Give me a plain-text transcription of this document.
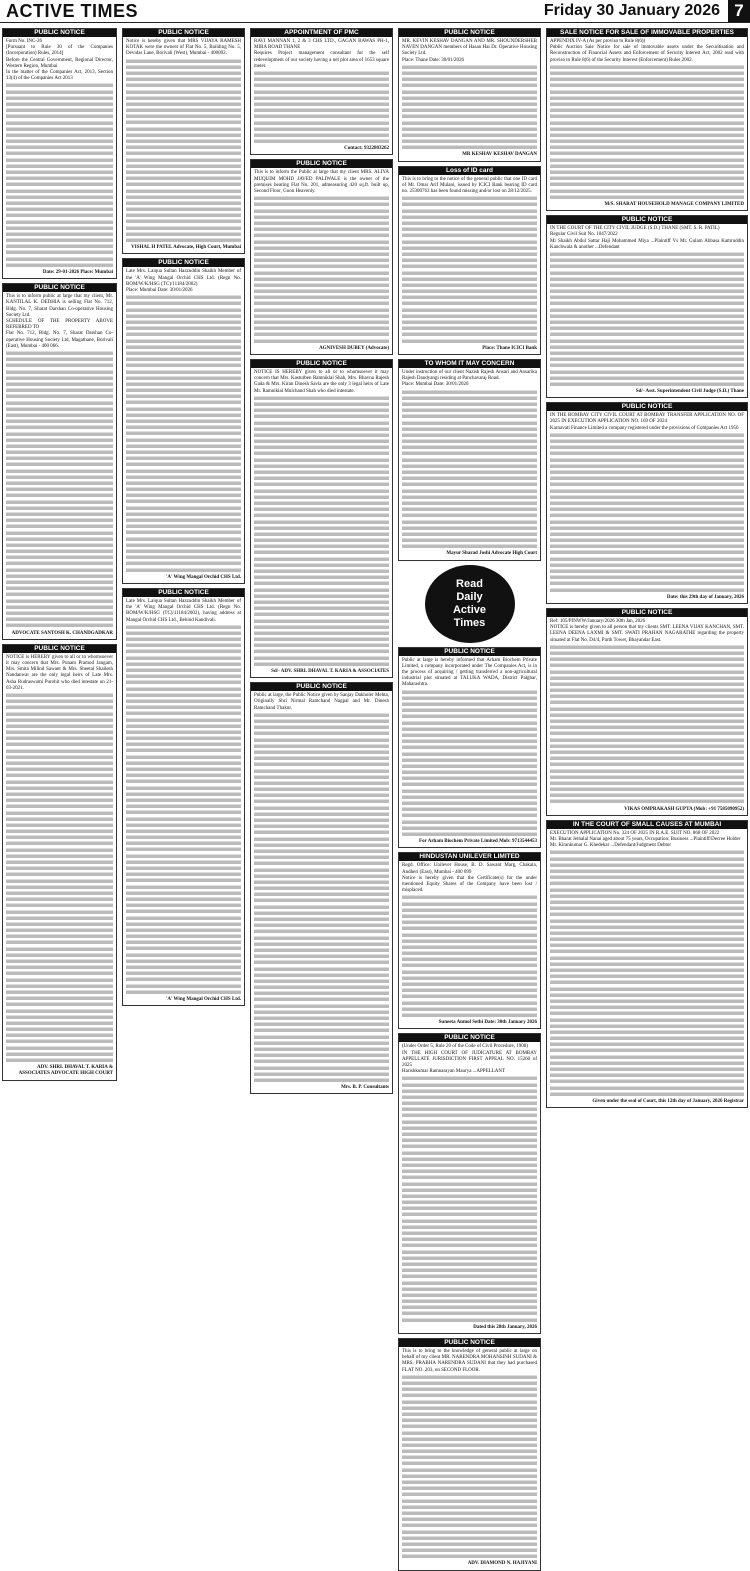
ACTIVE TIMES	Friday 30 January 2026 7
PUBLIC NOTICE
Form No. INC-26
[Pursuant to Rule 30 of the Companies (Incorporation) Rules, 2014]
Before the Central Government, Regional Director, Western Region, Mumbai
In the matter of the Companies Act, 2013, Section 13(4) of the Companies Act 2013
Date: 29-01-2026 Place: Mumbai
PUBLIC NOTICE
This is to inform public at large that my client, Mr. KANTILAL K. DEDHIA is selling Flat No. 712, Bldg. No. 7, Sharat Darshan Co-operative Housing Society Ltd.
SCHEDULE OF THE PROPERTY ABOVE REFERRED TO
Flat No. 712, Bldg. No. 7, Sharat Darshan Co-operative Housing Society Ltd, Magathane, Borivali (East), Mumbai - 400 066.
ADVOCATE SANTOSH K. CHANDGADKAR
PUBLIC NOTICE
NOTICE is HEREBY given to all or to whomsoever it may concern that Mrs. Punam Pramod Jangam, Mrs. Smita Milind Sawant & Mrs. Sheetal Shailesh Nandanwar are the only legal heirs of Late Mrs. Asha Rudraswami Purohit who died intestate on 21-03-2021.
ADV. SHRI. DHAVAL T. KARIA & ASSOCIATES ADVOCATE HIGH COURT
PUBLIC NOTICE
Notice is hereby given that MRS VIJAYA RAMESH KOTAK were the owners of Flat No. 5, Building No. 5, Devidas Lane, Borivali (West), Mumbai - 400092.
VISHAL H PATEL Advocate, High Court, Mumbai
PUBLIC NOTICE
Late Mrs. Laiqua Sultan Hazzuddin Shaikh Member of the 'A' Wing Mangal Orchid CHS Ltd. (Regn No. BOM/W/K/HSG (TC)/11184/2002)
Place: Mumbai Date: 30/01/2026
'A' Wing Mangal Orchid CHS Ltd.
PUBLIC NOTICE
Late Mrs. Laiqua Sultan Hazzuddin Shaikh Member of the 'A' Wing Mangal Orchid CHS Ltd. (Regn No. BOM/W/K/HSG (TC)/11184/2002), having address at Mangal Orchid CHS Ltd., Behind Kandivali.
'A' Wing Mangal Orchid CHS Ltd.
APPOINTMENT OF PMC
RAVI MANNAN 1, 2 & 3 CHS LTD., GAGAN BAWAS PH-1, MIRA ROAD THANE
Requires Project management consultant for the self redevelopment of our society having a net plot area of 1653 square meter.
Contact: 9322803262
PUBLIC NOTICE
This is to inform the Public at large that my client MRS. ALIYA MUQUIM MOHD JAVED PALIWALE is the owner of the premises bearing Flat No. 201, admeasuring 420 sq.ft. built up, Second Floor, Goon Heavenly.
AGNIVESH DUBEY (Advocate)
PUBLIC NOTICE
NOTICE IS HEREBY given to all or to whomsoever it may concern that Mrs. Kasturben Ramniklal Shah, Mrs. Bhavna Rajesh Gada & Mrs. Kiran Dinesh Savla are the only 3 legal heirs of Late Mr. Ramniklal Mulchand Shah who died intestate.
Sd/- ADV. SHRI. DHAVAL T. KARIA & ASSOCIATES
PUBLIC NOTICE
Public at large, the Public Notice given by Sanjay Dakholer Mehta, Originally Shri Nirmal Ramchand Nagpal and Mr. Dinesh Ramchand Thakur.
Mrs. B. P. Consultants
PUBLIC NOTICE
MR. KEVIN KESHAV DANGAN AND MR. SHOUNDERSHEB NAVEN DANGAN members of Hasan Hai Dr. Operative Housing Society Ltd.
Place: Thane Date: 30/01/2026
MR KESHAV KESHAV DANGAN
Loss of ID card
This is to bring to the notice of the general public that one ID card of Mr. Omar Arif Mulani, issued by ICICI Bank bearing ID card no. 25300763 has been found missing and/or lost on 28/12/2025.
Place: Thane ICICI Bank
TO WHOM IT MAY CONCERN
Under instruction of our client Nazish Rajesh Ansari and Ansarika Rajesh Dandyangi residing at Panchavaraj Road.
Place: Mumbai Date: 30/01/2026
Mayur Sharad Joshi Advocate High Court
Read
Daily
Active
Times
PUBLIC NOTICE
Public at large is hereby informed that Arham Biochem Private Limited, a company incorporated under The Companies Act, is in the process of acquiring / getting transferred a non-agricultural industrial plot situated at TALUKA WADA, District Palghar, Maharashtra.
For Arham Biochem Private Limited Mob: 9713544453
HINDUSTAN UNILEVER LIMITED
Regd. Office: Unilever House, B. D. Sawant Marg, Chakala, Andheri (East), Mumbai - 400 099
Notice is hereby given that the Certificate(s) for the under mentioned Equity Shares of the Company have been lost / misplaced.
Suneeta Anmol Sethi Date: 30th January 2026
PUBLIC NOTICE
(Under Order 5, Rule 20 of the Code of Civil Procedure, 1908)
IN THE HIGH COURT OF JUDICATURE AT BOMBAY APPELLATE JURISDICTION FIRST APPEAL NO. 15260 of 2025
Harishkumar Ramnarayan Maurya ...APPELLANT
Dated this 28th January, 2026
PUBLIC NOTICE
This is to bring to the knowledge of general public at large on behalf of my client MR. NARENDRA MOHANSINH SUDANI & MRS. PRABHA NARENDRA SUDANI that they had purchased FLAT NO. 203, on SECOND FLOOR.
ADV. DIAMOND N. HAJIYANI
SALE NOTICE FOR SALE OF IMMOVABLE PROPERTIES
APPENDIX IV-A (As per proviso to Rule 8(6))
Public Auction Sale Notice for sale of immovable assets under the Securitisation and Reconstruction of Financial Assets and Enforcement of Security Interest Act, 2002 read with proviso to Rule 8(6) of the Security Interest (Enforcement) Rules 2002.
M/S. SHARAT HOUSEHOLD MANAGE COMPANY LIMITED
PUBLIC NOTICE
IN THE COURT OF THE CITY CIVIL JUDGE (S.D.) THANE (SMT. S. R. PATIL)
Regular Civil Suit No. 1047/2022
Mr Shaikh Abdul Sattar Haji Mohammed Miya ...Plaintiff Vs Mr. Gulam Abbasa Kamruddin Kanchwala & another ...Defendant
Sd/- Asst. Superintendent Civil Judge (S.D.) Thane
PUBLIC NOTICE
IN THE BOMBAY CITY CIVIL COURT AT BOMBAY TRANSFER APPLICATION NO. OF 2025 IN EXECUTION APPLICATION NO. 169 OF 2024
Karnavati Finance Limited a company registered under the provisions of Companies Act 1956
Date: this 29th day of January, 2026
PUBLIC NOTICE
Ref: 105/PINWW/January/2026 30th Jan, 2026
NOTICE is hereby given to all person that my clients SMT. LEENA VIJAY KANCHAN, SMT. LEENA DEENA LAXMI & SMT. SWATI PRAHAN NAGARATHE regarding the property situated at Flat No. D4/4, Parth Tower, Bhayandar East.
VIKAS OMPRAKASH GUPTA (Mob: +91 7585090952)
IN THE COURT OF SMALL CAUSES AT MUMBAI
EXECUTION APPLICATION No. 324 OF 2025 IN R.A.E. SUIT NO. 868 OF 2022
Mr. Bharat Jethalal Nanai aged about 75 years, Occupation: Business ...Plaintiff/Decree Holder
Mr. Kirankumar G. Khedekar ...Defendant/Judgment Debtor
Given under the seal of Court, this 12th day of January, 2026 Registrar
